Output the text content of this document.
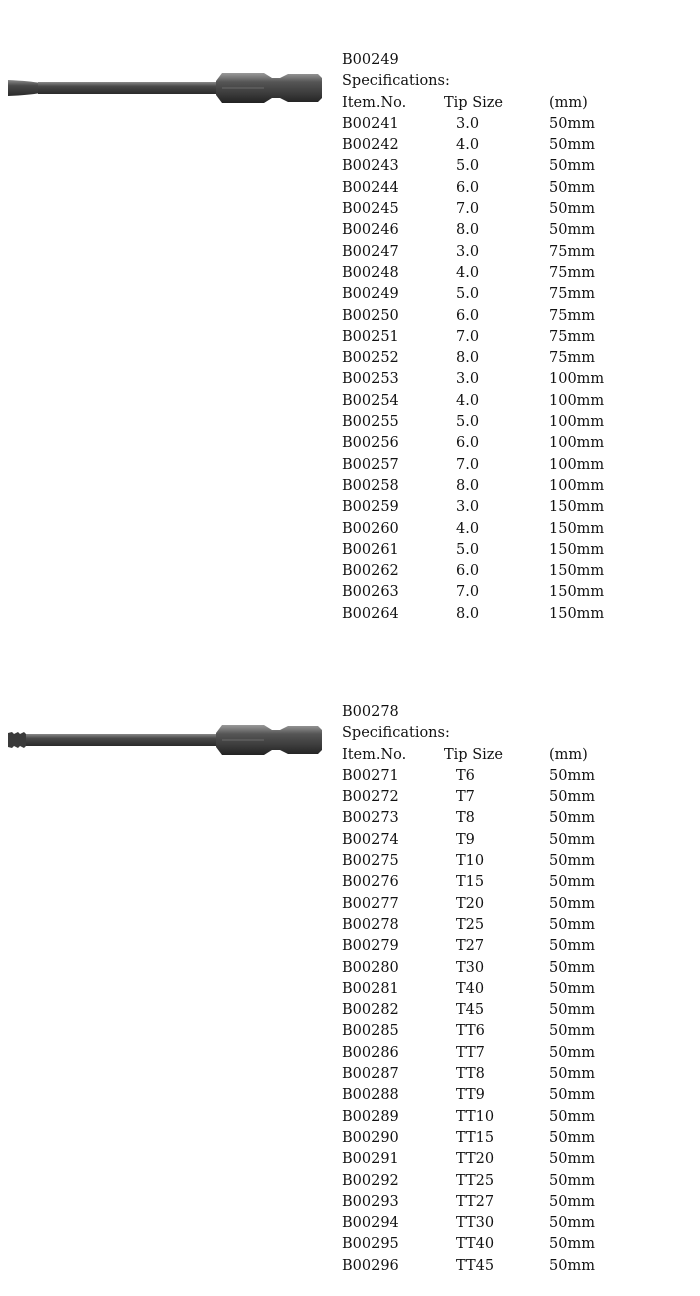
B00249
Specifications:
Item.No.	Tip Size	(mm)
B00241	3.0	50mm
B00242	4.0	50mm
B00243	5.0	50mm
B00244	6.0	50mm
B00245	7.0	50mm
B00246	8.0	50mm
B00247	3.0	75mm
B00248	4.0	75mm
B00249	5.0	75mm
B00250	6.0	75mm
B00251	7.0	75mm
B00252	8.0	75mm
B00253	3.0	100mm
B00254	4.0	100mm
B00255	5.0	100mm
B00256	6.0	100mm
B00257	7.0	100mm
B00258	8.0	100mm
B00259	3.0	150mm
B00260	4.0	150mm
B00261	5.0	150mm
B00262	6.0	150mm
B00263	7.0	150mm
B00264	8.0	150mm
B00278
Specifications:
Item.No.	Tip Size	(mm)
B00271	T6	50mm
B00272	T7	50mm
B00273	T8	50mm
B00274	T9	50mm
B00275	T10	50mm
B00276	T15	50mm
B00277	T20	50mm
B00278	T25	50mm
B00279	T27	50mm
B00280	T30	50mm
B00281	T40	50mm
B00282	T45	50mm
B00285	TT6	50mm
B00286	TT7	50mm
B00287	TT8	50mm
B00288	TT9	50mm
B00289	TT10	50mm
B00290	TT15	50mm
B00291	TT20	50mm
B00292	TT25	50mm
B00293	TT27	50mm
B00294	TT30	50mm
B00295	TT40	50mm
B00296	TT45	50mm
